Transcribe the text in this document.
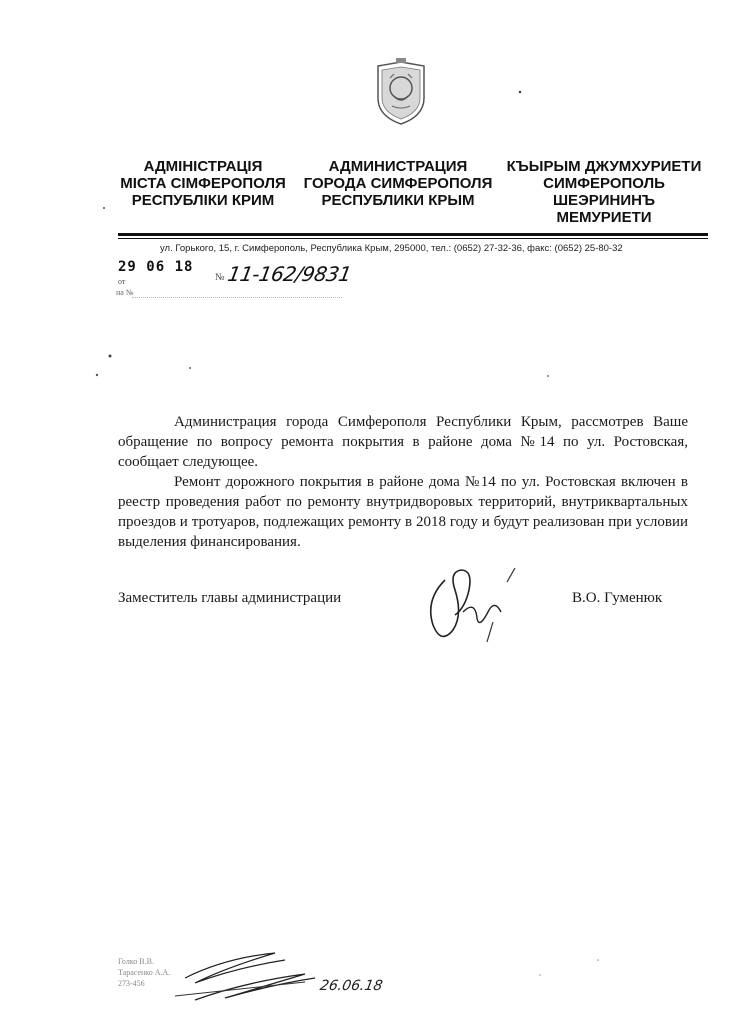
АДМІНІСТРАЦІЯ
МІСТА СІМФЕРОПОЛЯ
РЕСПУБЛІКИ КРИМ
АДМИНИСТРАЦИЯ
ГОРОДА СИМФЕРОПОЛЯ
РЕСПУБЛИКИ КРЫМ
КЪЫРЫМ ДЖУМХУРИЕТИ
СИМФЕРОПОЛЬ
ШЕЭРИНИНЪ
МЕМУРИЕТИ
ул. Горького, 15, г. Симферополь, Республика Крым, 295000, тел.: (0652) 27-32-36, факс: (0652) 25-80-32
29 06 18
от	№ 11-162/9831
на №
Администрация города Симферополя Республики Крым, рассмотрев Ваше обращение по вопросу ремонта покрытия в районе дома №14 по ул. Ростовская, сообщает следующее.
Ремонт дорожного покрытия в районе дома №14 по ул. Ростовская включен в реестр проведения работ по ремонту внутридворовых территорий, внутриквартальных проездов и тротуаров, подлежащих ремонту в 2018 году и будут реализован при условии выделения финансирования.
Заместитель главы администрации	В.О. Гуменюк
Голко В.В.
Тарасенко А.А.
273-456	26.06.18
